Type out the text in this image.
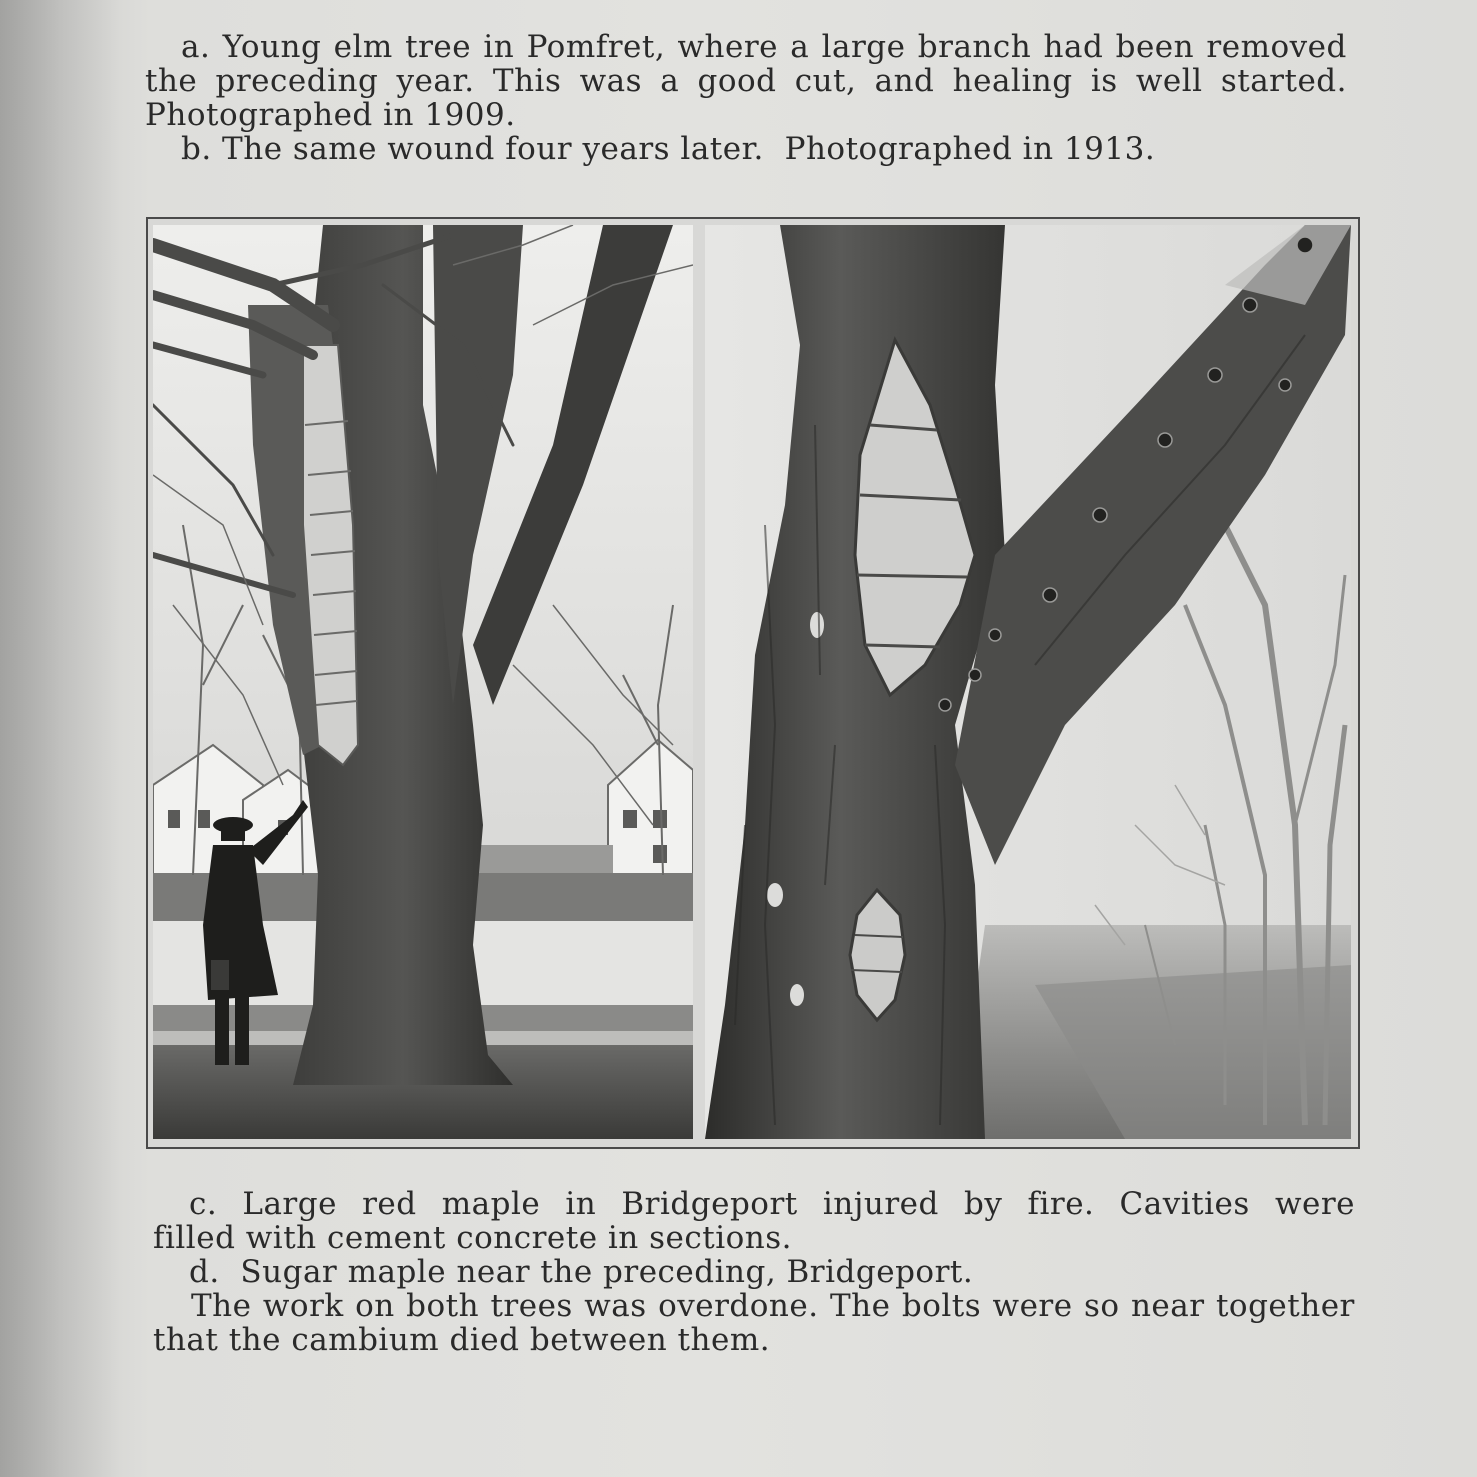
a. Young elm tree in Pomfret, where a large branch had been removed
the preceding year. This was a good cut, and healing is well started.
Photographed in 1909.
b. The same wound four years later.  Photographed in 1913.
c. Large red maple in Bridgeport injured by fire. Cavities were
filled with cement concrete in sections.
d.  Sugar maple near the preceding, Bridgeport.
The work on both trees was overdone. The bolts were so near together
that the cambium died between them.
